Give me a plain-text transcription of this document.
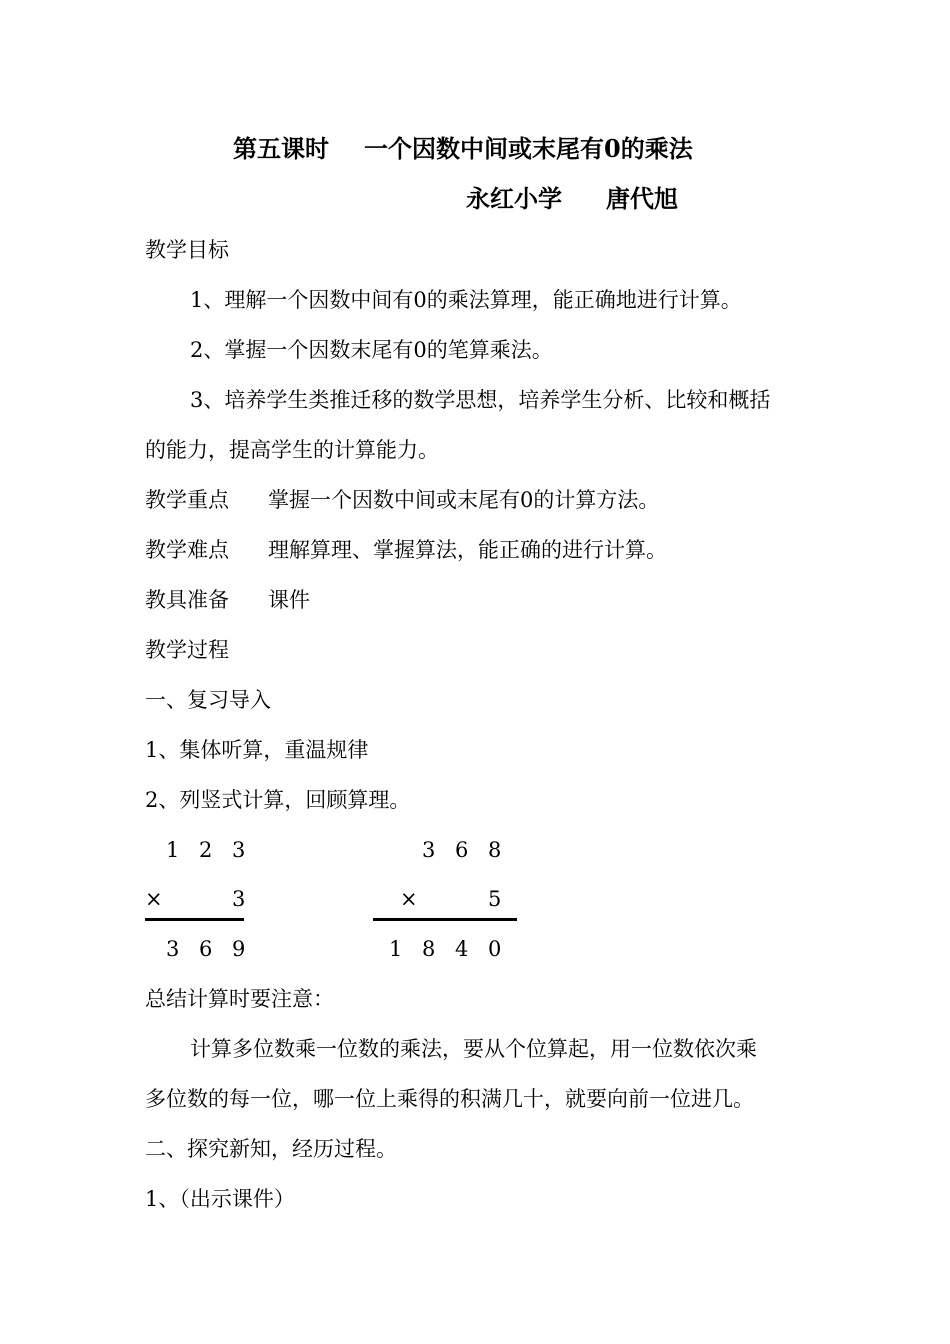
第五课时 一个因数中间或末尾有0的乘法
永红小学 唐代旭
教学目标
1、理解一个因数中间有0的乘法算理，能正确地进行计算。
2、掌握一个因数末尾有0的笔算乘法。
3、培养学生类推迁移的数学思想，培养学生分析、比较和概括
的能力，提高学生的计算能力。
教学重点 掌握一个因数中间或末尾有0的计算方法。
教学难点 理解算理、掌握算法，能正确的进行计算。
教具准备 课件
教学过程
一、复习导入
1、集体听算，重温规律
2、列竖式计算，回顾算理。
1 2 3
×	3
3 6 9
3 6 8
×	5
1 8 4 0
总结计算时要注意：
计算多位数乘一位数的乘法，要从个位算起，用一位数依次乘
多位数的每一位，哪一位上乘得的积满几十，就要向前一位进几。
二、探究新知，经历过程。
1、（出示课件）
